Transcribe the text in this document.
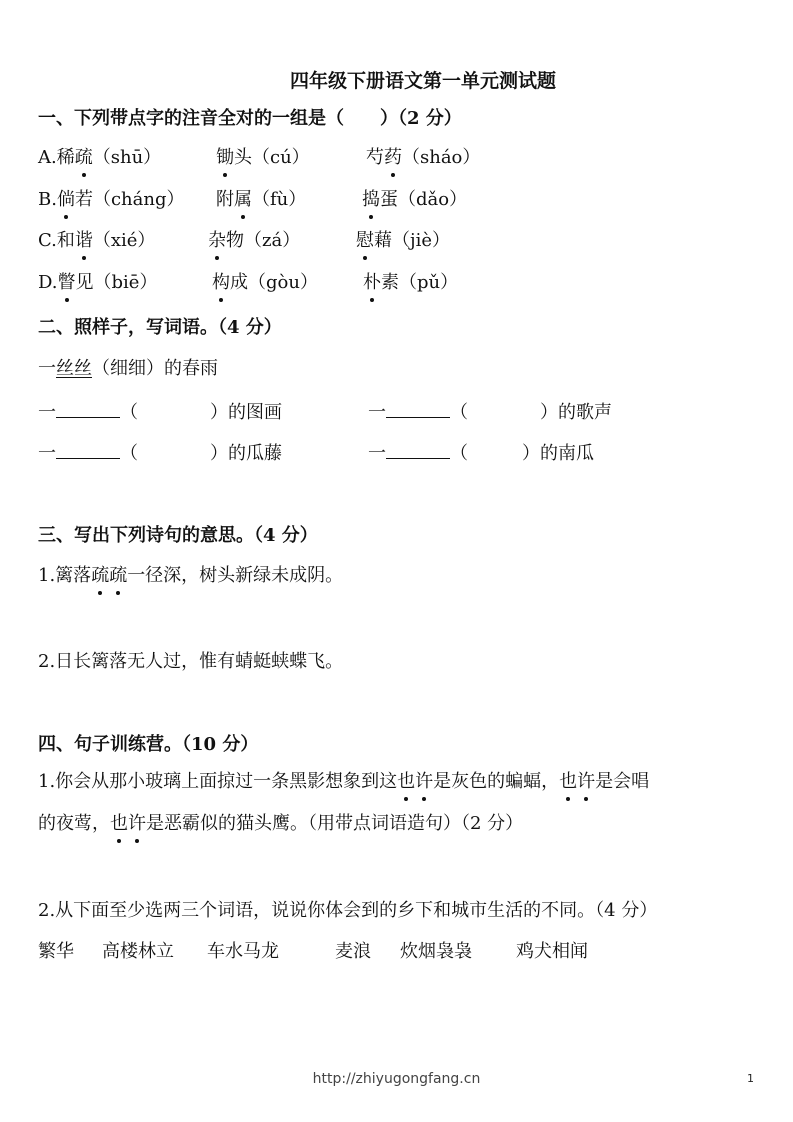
四年级下册语文第一单元测试题
一、下列带点字的注音全对的一组是（　　）（2 分）
A.稀疏（shū）	锄头（cú）	芍药（sháo）
B.倘若（cháng） 附属（fù）	捣蛋（dǎo）
C.和谐（xié）	杂物（zá）	慰藉（jiè）
D.瞥见（biē）	构成（gòu）	朴素（pǔ）
二、照样子，写词语。（4 分）
一丝丝（细细）的春雨
一	（　　　　）的图画	一	（　　　　）的歌声
一	（　　　　）的瓜藤	一	（　　　）的南瓜
三、写出下列诗句的意思。（4 分）
1.篱落疏疏一径深，树头新绿未成阴。
2.日长篱落无人过，惟有蜻蜓蛱蝶飞。
四、句子训练营。（10 分）
1.你会从那小玻璃上面掠过一条黑影想象到这也许是灰色的蝙蝠，也许是会唱
的夜莺，也许是恶霸似的猫头鹰。（用带点词语造句）（2 分）
2.从下面至少选两三个词语，说说你体会到的乡下和城市生活的不同。（4 分）
繁华 高楼林立 车水马龙	麦浪 炊烟袅袅 鸡犬相闻
http://zhiyugongfang.cn	1
